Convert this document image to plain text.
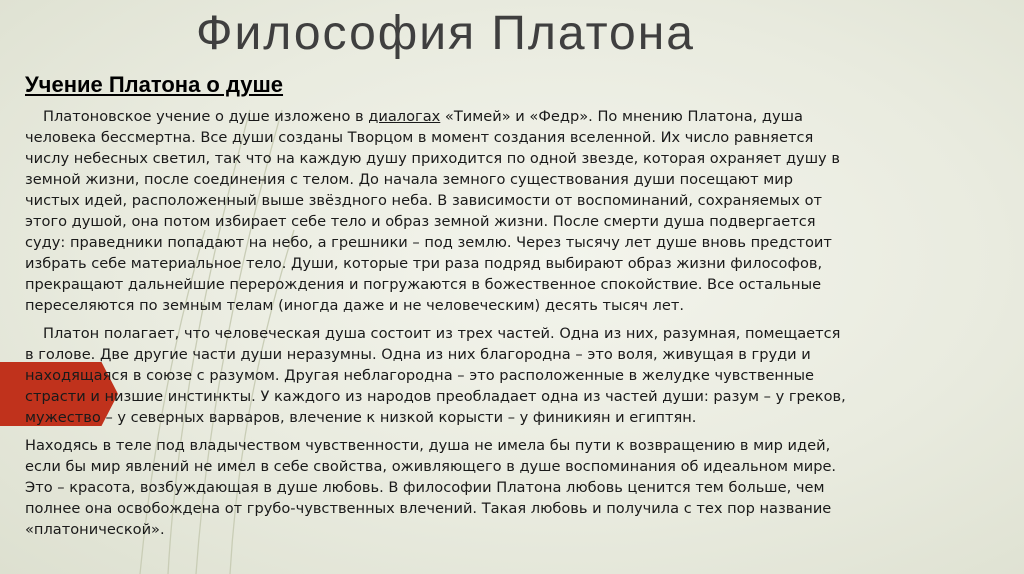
Философия Платона
Учение Платона о душе
Платоновское учение о душе изложено в диалогах «Тимей» и «Федр». По мнению Платона, душа
человека бессмертна. Все души созданы Творцом в момент создания вселенной. Их число равняется
числу небесных светил, так что на каждую душу приходится по одной звезде, которая охраняет душу в
земной жизни, после соединения с телом. До начала земного существования души посещают мир
чистых идей, расположенный выше звёздного неба. В зависимости от воспоминаний, сохраняемых от
этого душой, она потом избирает себе тело и образ земной жизни. После смерти душа подвергается
суду: праведники попадают на небо, а грешники – под землю. Через тысячу лет душе вновь предстоит
избрать себе материальное тело. Души, которые три раза подряд выбирают образ жизни философов,
прекращают дальнейшие перерождения и погружаются в божественное спокойствие. Все остальные
переселяются по земным телам (иногда даже и не человеческим) десять тысяч лет.
Платон полагает, что человеческая душа состоит из трех частей. Одна из них, разумная, помещается
в голове. Две другие части души неразумны. Одна из них благородна – это воля, живущая в груди и
находящаяся в союзе с разумом. Другая неблагородна – это расположенные в желудке чувственные
страсти и низшие инстинкты. У каждого из народов преобладает одна из частей души: разум – у греков,
мужество – у северных варваров, влечение к низкой корысти – у финикиян и египтян.
Находясь в теле под владычеством чувственности, душа не имела бы пути к возвращению в мир идей,
если бы мир явлений не имел в себе свойства, оживляющего в душе воспоминания об идеальном мире.
Это – красота, возбуждающая в душе любовь. В философии Платона любовь ценится тем больше, чем
полнее она освобождена от грубо-чувственных влечений. Такая любовь и получила с тех пор название
«платонической».
